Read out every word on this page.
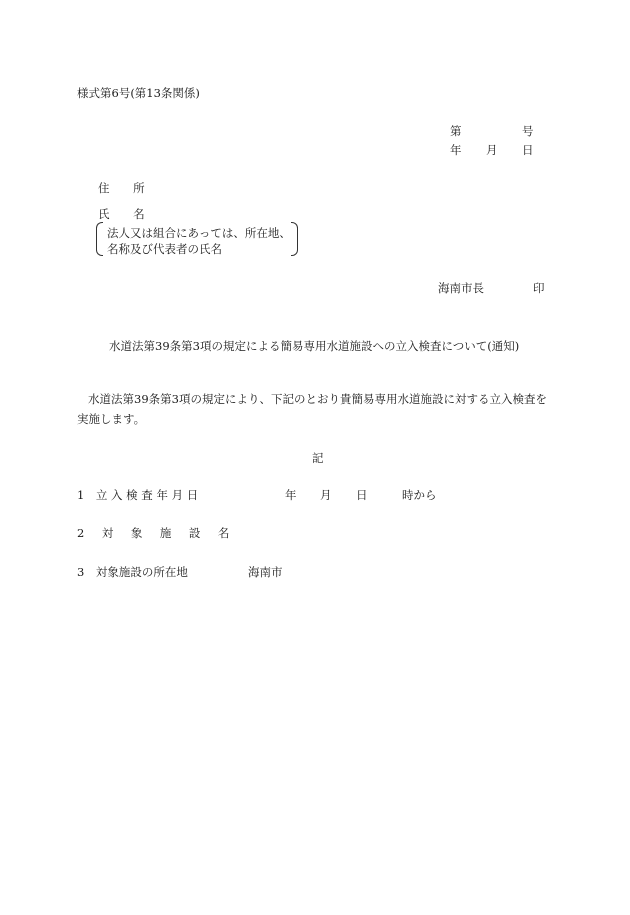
様式第6号(第13条関係)
第	号
年 月 日
住 所
氏 名
法人又は組合にあっては、所在地、
名称及び代表者の氏名
海南市長	印
水道法第39条第3項の規定による簡易専用水道施設への立入検査について(通知)
水道法第39条第3項の規定により、下記のとおり貴簡易専用水道施設に対する立入検査を
実施します。
記
1　立 入 検 査 年 月 日	年 月 日	時から
2　対　象　施　設　名
3　対象施設の所在地	海南市
